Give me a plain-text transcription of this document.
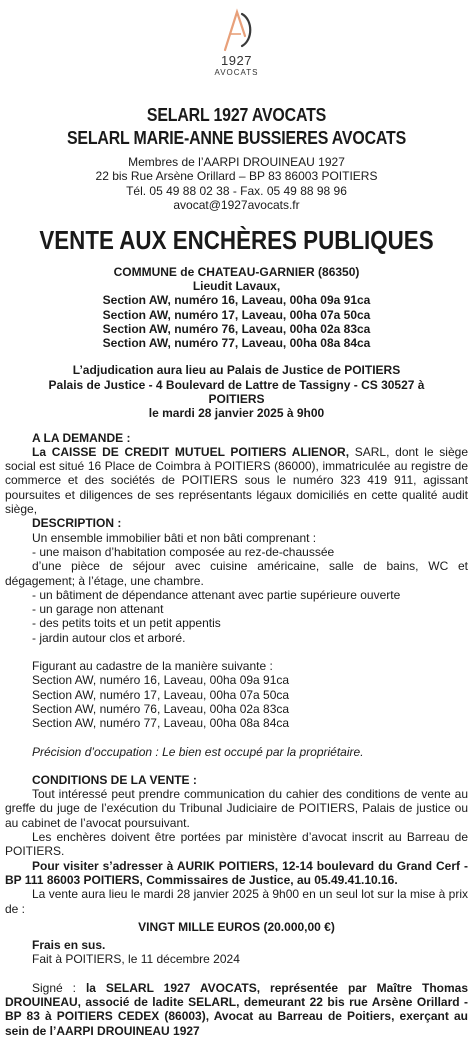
1927
AVOCATS
SELARL 1927 AVOCATS
SELARL MARIE-ANNE BUSSIERES AVOCATS
Membres de l’AARPI DROUINEAU 1927
22 bis Rue Arsène Orillard – BP 83 86003 POITIERS
Tél. 05 49 88 02 38 - Fax. 05 49 88 98 96
avocat@1927avocats.fr
VENTE AUX ENCHÈRES PUBLIQUES
COMMUNE de CHATEAU-GARNIER (86350)
Lieudit Lavaux,
Section AW, numéro 16, Laveau, 00ha 09a 91ca
Section AW, numéro 17, Laveau, 00ha 07a 50ca
Section AW, numéro 76, Laveau, 00ha 02a 83ca
Section AW, numéro 77, Laveau, 00ha 08a 84ca
L’adjudication aura lieu au Palais de Justice de POITIERS
Palais de Justice - 4 Boulevard de Lattre de Tassigny - CS 30527 à
POITIERS
le mardi 28 janvier 2025 à 9h00

A LA DEMANDE :

La CAISSE DE CREDIT MUTUEL POITIERS ALIENOR, SARL, dont le siège social est situé 16 Place de Coimbra à POITIERS (86000), immatriculée au registre de commerce et des sociétés de POITIERS sous le numéro 323 419 911, agissant poursuites et diligences de ses représentants légaux domiciliés en cette qualité audit siège,

DESCRIPTION :

Un ensemble immobilier bâti et non bâti comprenant :

- une maison d’habitation composée au rez-de-chaussée

d’une pièce de séjour avec cuisine américaine, salle de bains, WC et dégagement; à l’étage, une chambre.

- un bâtiment de dépendance attenant avec partie supérieure ouverte

- un garage non attenant

- des petits toits et un petit appentis

- jardin autour clos et arboré.

Figurant au cadastre de la manière suivante :

Section AW, numéro 16, Laveau, 00ha 09a 91ca

Section AW, numéro 17, Laveau, 00ha 07a 50ca

Section AW, numéro 76, Laveau, 00ha 02a 83ca

Section AW, numéro 77, Laveau, 00ha 08a 84ca

Précision d’occupation : Le bien est occupé par la propriétaire.

CONDITIONS DE LA VENTE :

Tout intéressé peut prendre communication du cahier des conditions de vente au greffe du juge de l’exécution du Tribunal Judiciaire de POITIERS, Palais de justice ou au cabinet de l’avocat poursuivant.

Les enchères doivent être portées par ministère d’avocat inscrit au Barreau de POITIERS.

Pour visiter s’adresser à AURIK POITIERS, 12-14 boulevard du Grand Cerf - BP 111 86003 POITIERS, Commissaires de Justice, au 05.49.41.10.16.

La vente aura lieu le mardi 28 janvier 2025 à 9h00 en un seul lot sur la mise à prix de :

VINGT MILLE EUROS (20.000,00 €)

Frais en sus.

Fait à POITIERS, le 11 décembre 2024

Signé : la SELARL 1927 AVOCATS, représentée par Maître Thomas DROUINEAU, associé de ladite SELARL, demeurant 22 bis rue Arsène Orillard - BP 83 à POITIERS CEDEX (86003), Avocat au Barreau de Poitiers, exerçant au sein de l’AARPI DROUINEAU 1927
